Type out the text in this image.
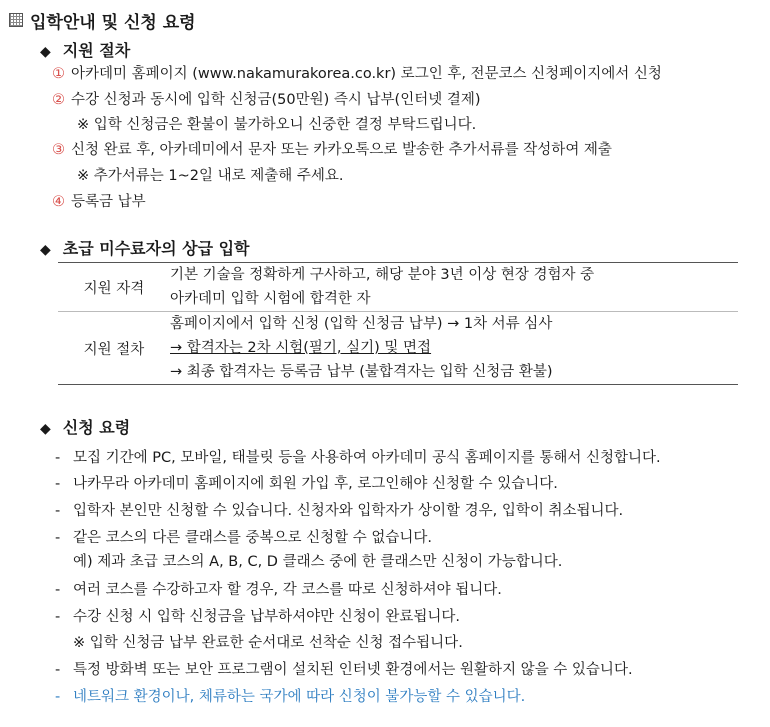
입학안내 및 신청 요령
◆ 지원 절차
① 아카데미 홈페이지 (www.nakamurakorea.co.kr) 로그인 후, 전문코스 신청페이지에서 신청
② 수강 신청과 동시에 입학 신청금(50만원) 즉시 납부(인터넷 결제)
※ 입학 신청금은 환불이 불가하오니 신중한 결정 부탁드립니다.
③ 신청 완료 후, 아카데미에서 문자 또는 카카오톡으로 발송한 추가서류를 작성하여 제출
※ 추가서류는 1~2일 내로 제출해 주세요.
④ 등록금 납부
◆ 초급 미수료자의 상급 입학
지원 자격	기본 기술을 정확하게 구사하고, 해당 분야 3년 이상 현장 경험자 중
아카데미 입학 시험에 합격한 자

지원 절차	홈페이지에서 입학 신청 (입학 신청금 납부) → 1차 서류 심사
→ 합격자는 2차 시험(필기, 실기) 및 면접
→ 최종 합격자는 등록금 납부 (불합격자는 입학 신청금 환불)
◆ 신청 요령
- 모집 기간에 PC, 모바일, 태블릿 등을 사용하여 아카데미 공식 홈페이지를 통해서 신청합니다.
- 나카무라 아카데미 홈페이지에 회원 가입 후, 로그인해야 신청할 수 있습니다.
- 입학자 본인만 신청할 수 있습니다. 신청자와 입학자가 상이할 경우, 입학이 취소됩니다.
- 같은 코스의 다른 클래스를 중복으로 신청할 수 없습니다.
예) 제과 초급 코스의 A, B, C, D 클래스 중에 한 클래스만 신청이 가능합니다.
- 여러 코스를 수강하고자 할 경우, 각 코스를 따로 신청하셔야 됩니다.
- 수강 신청 시 입학 신청금을 납부하셔야만 신청이 완료됩니다.
※ 입학 신청금 납부 완료한 순서대로 선착순 신청 접수됩니다.
- 특정 방화벽 또는 보안 프로그램이 설치된 인터넷 환경에서는 원활하지 않을 수 있습니다.
- 네트워크 환경이나, 체류하는 국가에 따라 신청이 불가능할 수 있습니다.
